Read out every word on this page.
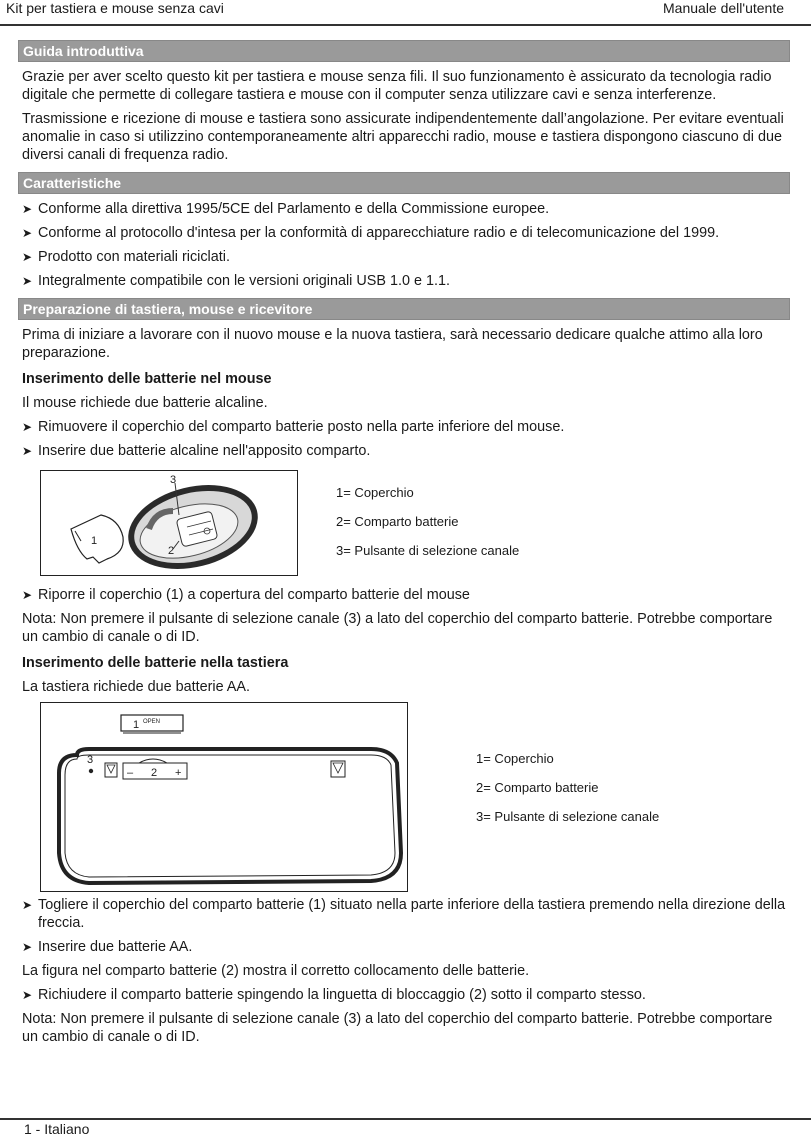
Kit per tastiera e mouse senza cavi	Manuale dell'utente
Guida introduttiva

Grazie per aver scelto questo kit per tastiera e mouse senza fili. Il suo funzionamento è assicurato da tecnologia radio digitale che permette di collegare tastiera e mouse con il computer senza utilizzare cavi e senza interferenze.

Trasmissione e ricezione di mouse e tastiera sono assicurate indipendentemente dall’angolazione. Per evitare eventuali anomalie in caso si utilizzino contemporaneamente altri apparecchi radio, mouse e tastiera dispongono ciascuno di due diversi canali di frequenza radio.

Caratteristiche
➤ Conforme alla direttiva 1995/5CE del Parlamento e della Commissione europee.
➤ Conforme al protocollo d'intesa per la conformità di apparecchiature radio e di telecomunicazione del 1999.
➤ Prodotto con materiali riciclati.
➤ Integralmente compatibile con le versioni originali USB 1.0 e 1.1.
Preparazione di tastiera, mouse e ricevitore

Prima di iniziare a lavorare con il nuovo mouse e la nuova tastiera, sarà necessario dedicare qualche attimo alla loro preparazione.

Inserimento delle batterie nel mouse

Il mouse richiede due batterie alcaline.

➤ Rimuovere il coperchio del comparto batterie posto nella parte inferiore del mouse.
➤ Inserire due batterie alcaline nell'apposito comparto.
1
3
2
1= Coperchio
2= Comparto batterie
3= Pulsante di selezione canale
➤ Riporre il coperchio (1) a copertura del comparto batterie del mouse

Nota: Non premere il pulsante di selezione canale (3) a lato del coperchio del comparto batterie. Potrebbe comportare un cambio di canale o di ID.

Inserimento delle batterie nella tastiera

La tastiera richiede due batterie AA.

1 OPEN
3
– 2 +
1= Coperchio
2= Comparto batterie
3= Pulsante di selezione canale
➤ Togliere il coperchio del comparto batterie (1) situato nella parte inferiore della tastiera premendo nella direzione della freccia.
➤ Inserire due batterie AA.

La figura nel comparto batterie (2) mostra il corretto collocamento delle batterie.

➤ Richiudere il comparto batterie spingendo la linguetta di bloccaggio (2) sotto il comparto stesso.

Nota: Non premere il pulsante di selezione canale (3) a lato del coperchio del comparto batterie. Potrebbe comportare un cambio di canale o di ID.

1 - Italiano
